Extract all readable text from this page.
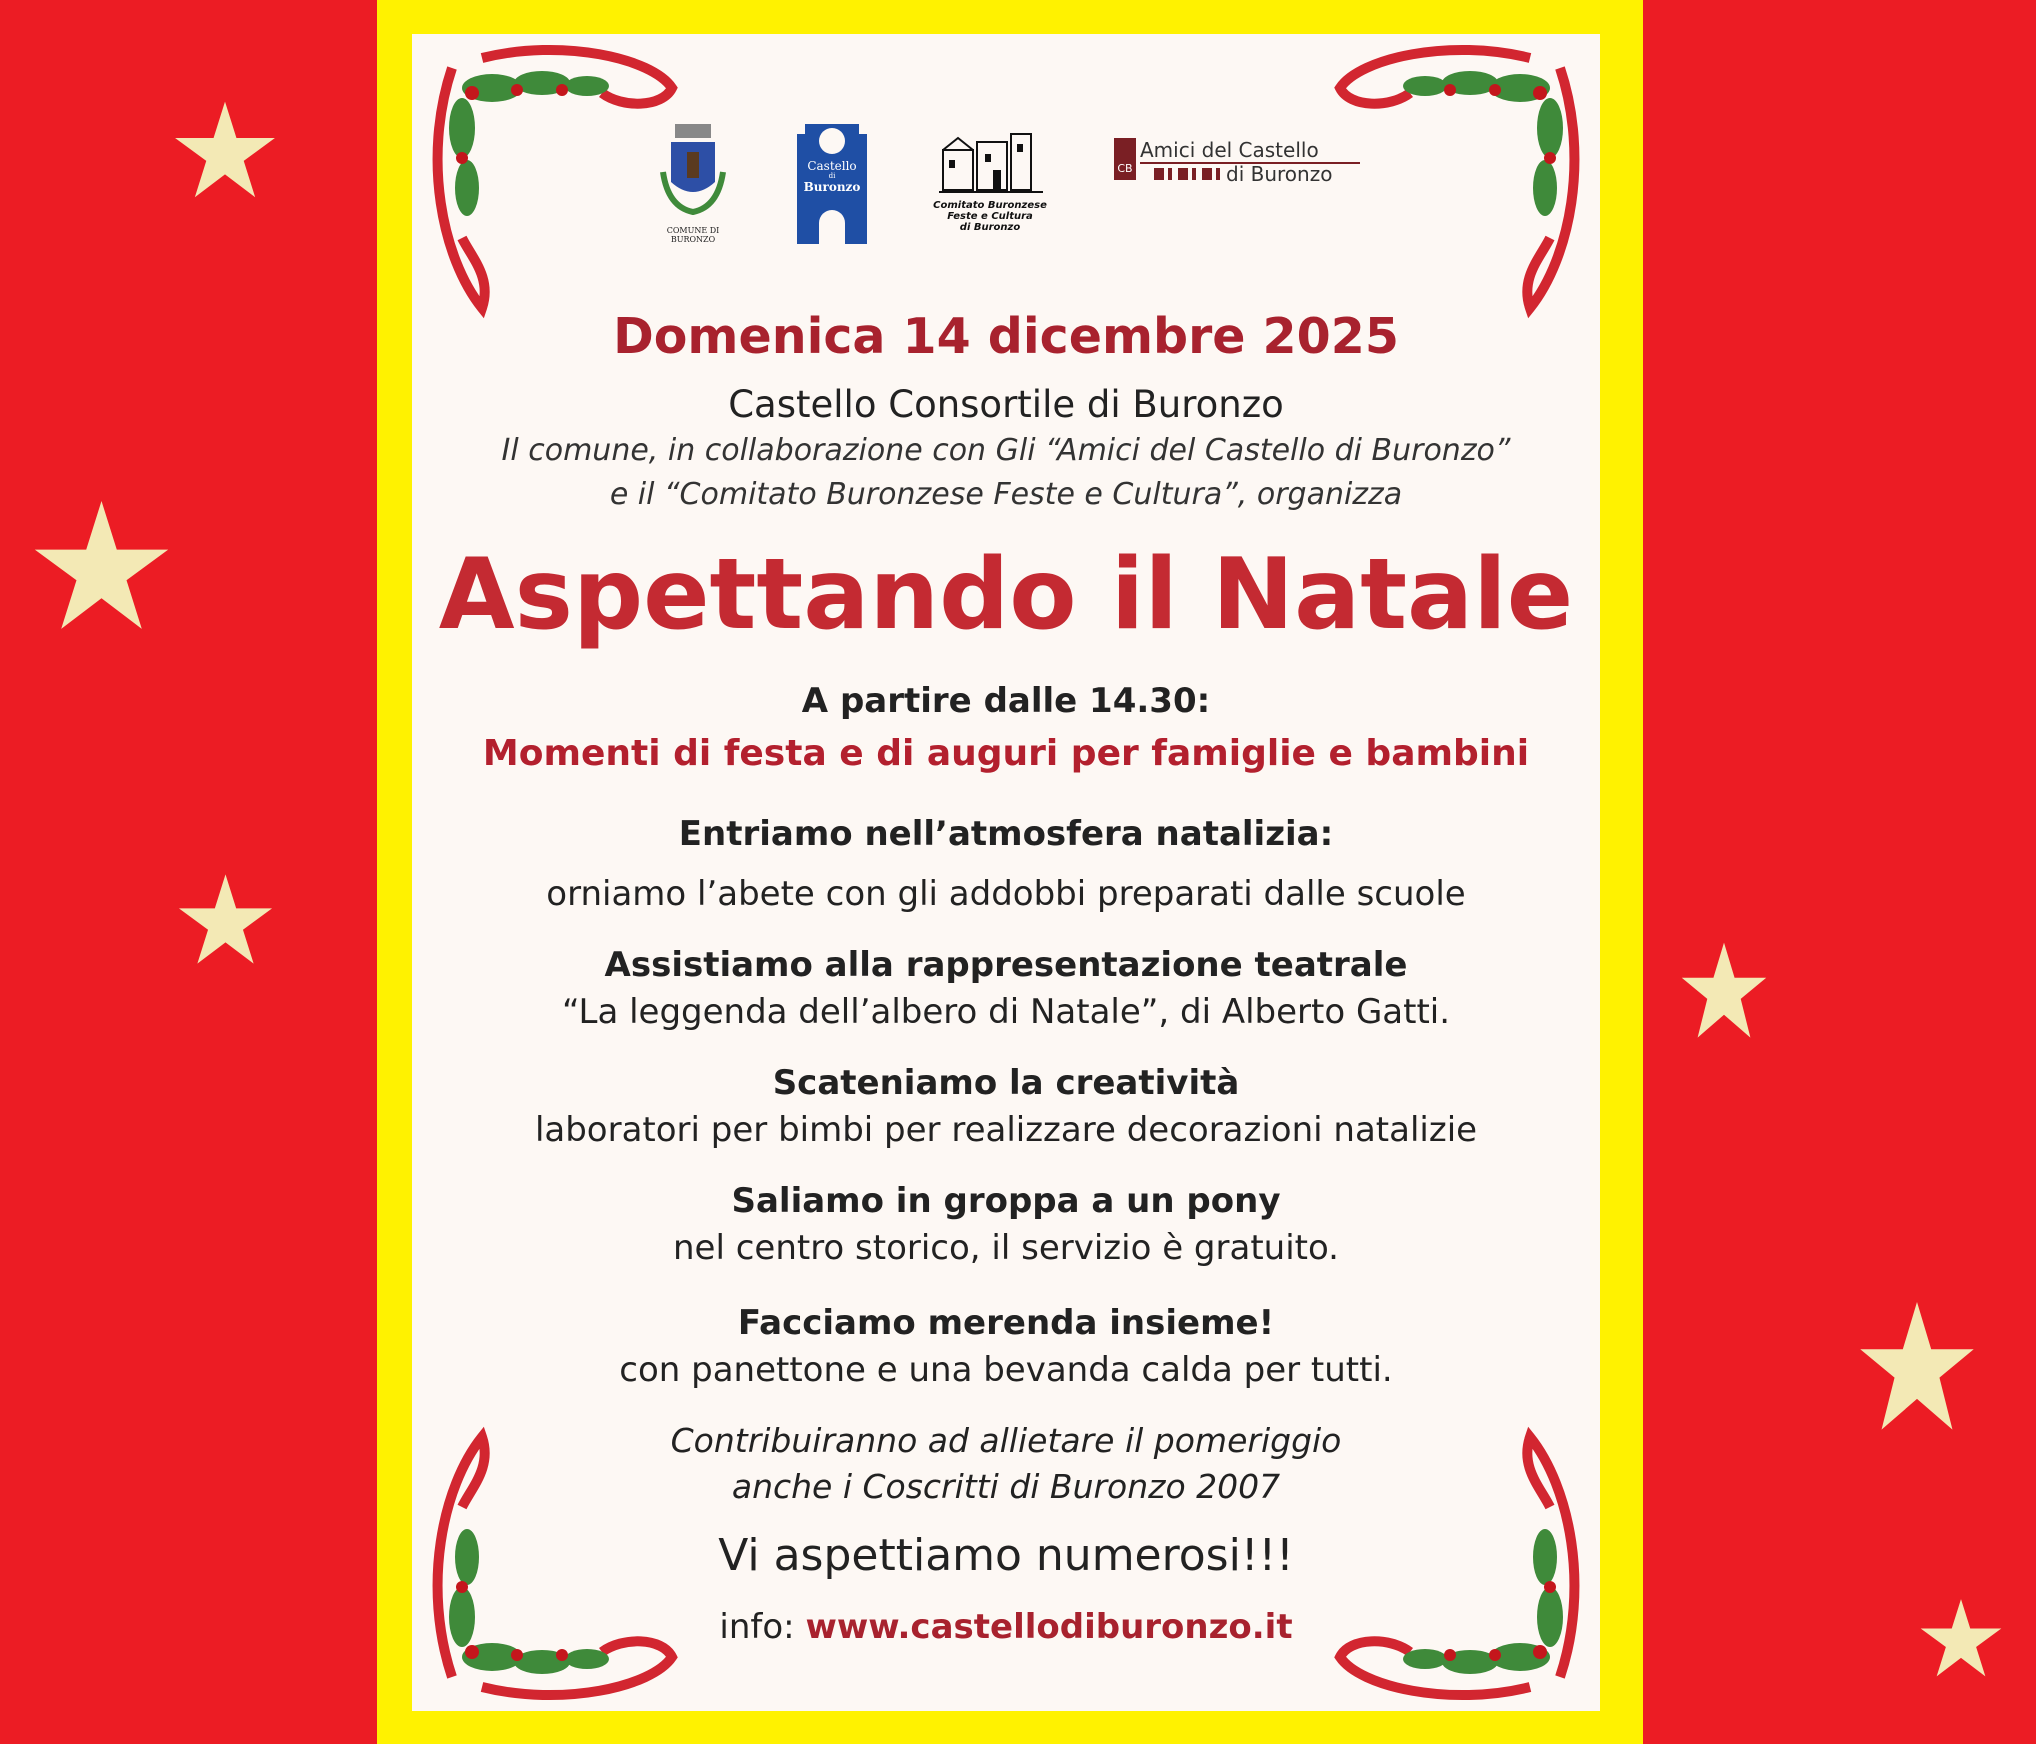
COMUNE DI BURONZO
Castello
di
Buronzo
Comitato Buronzese
Feste e Cultura
di Buronzo
CB
Amici del Castello
di Buronzo
Domenica 14 dicembre 2025
Castello Consortile di Buronzo
Il comune, in collaborazione con Gli “Amici del Castello di Buronzo”
e il “Comitato Buronzese Feste e Cultura”, organizza
Aspettando il Natale
A partire dalle 14.30:
Momenti di festa e di auguri per famiglie e bambini
Entriamo nell’atmosfera natalizia:
orniamo l’abete con gli addobbi preparati dalle scuole
Assistiamo alla rappresentazione teatrale
“La leggenda dell’albero di Natale”, di Alberto Gatti.
Scateniamo la creatività
laboratori per bimbi per realizzare decorazioni natalizie
Saliamo in groppa a un pony
nel centro storico, il servizio è gratuito.
Facciamo merenda insieme!
con panettone e una bevanda calda per tutti.
Contribuiranno ad allietare il pomeriggio
anche i Coscritti di Buronzo 2007
Vi aspettiamo numerosi!!!
info: www.castellodiburonzo.it
